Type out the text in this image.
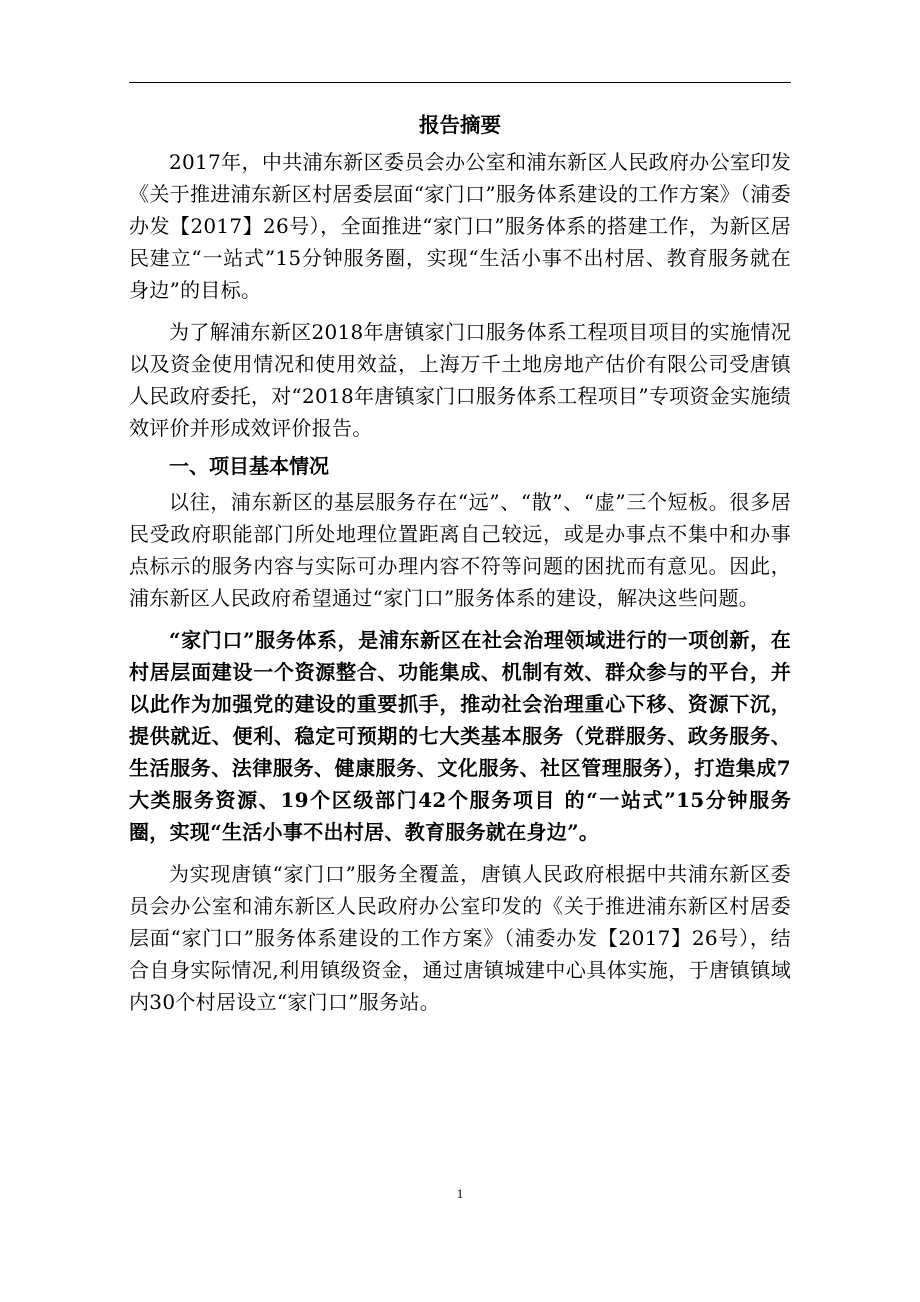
报告摘要

2017年，中共浦东新区委员会办公室和浦东新区人民政府办公室印发《关于推进浦东新区村居委层面“家门口”服务体系建设的工作方案》（浦委办发【2017】26号），全面推进“家门口”服务体系的搭建工作，为新区居民建立“一站式”15分钟服务圈，实现“生活小事不出村居、教育服务就在身边”的目标。

为了解浦东新区2018年唐镇家门口服务体系工程项目项目的实施情况以及资金使用情况和使用效益，上海万千土地房地产估价有限公司受唐镇人民政府委托，对“2018年唐镇家门口服务体系工程项目”专项资金实施绩效评价并形成效评价报告。

一、项目基本情况

以往，浦东新区的基层服务存在“远”、“散”、“虚”三个短板。很多居民受政府职能部门所处地理位置距离自己较远，或是办事点不集中和办事点标示的服务内容与实际可办理内容不符等问题的困扰而有意见。因此，浦东新区人民政府希望通过“家门口”服务体系的建设，解决这些问题。

“家门口”服务体系，是浦东新区在社会治理领域进行的一项创新，在村居层面建设一个资源整合、功能集成、机制有效、群众参与的平台，并以此作为加强党的建设的重要抓手，推动社会治理重心下移、资源下沉，提供就近、便利、稳定可预期的七大类基本服务（党群服务、政务服务、生活服务、法律服务、健康服务、文化服务、社区管理服务），打造集成7大类服务资源、19个区级部门42个服务项目 的“一站式”15分钟服务圈，实现“生活小事不出村居、教育服务就在身边”。

为实现唐镇“家门口”服务全覆盖，唐镇人民政府根据中共浦东新区委员会办公室和浦东新区人民政府办公室印发的《关于推进浦东新区村居委层面“家门口”服务体系建设的工作方案》（浦委办发【2017】26号），结合自身实际情况,利用镇级资金，通过唐镇城建中心具体实施，于唐镇镇域内30个村居设立“家门口”服务站。

1
